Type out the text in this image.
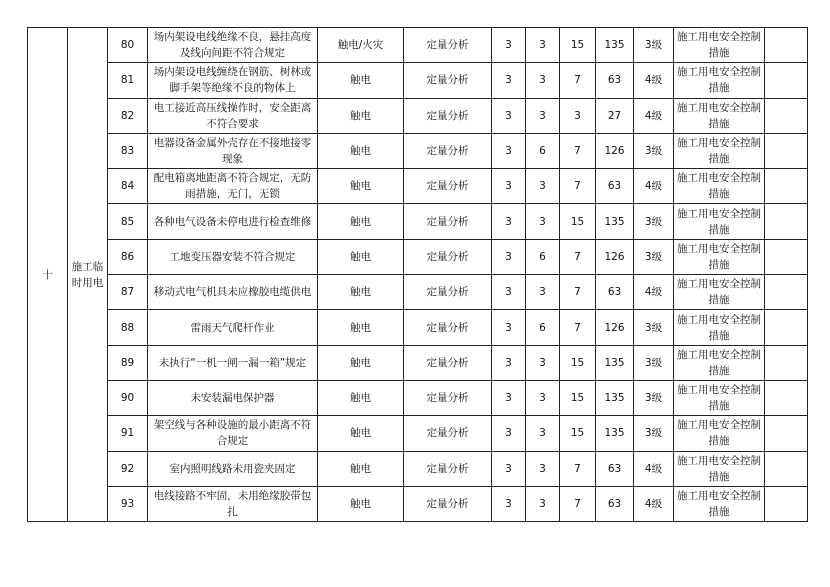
十	施工临时用电	80	场内架设电线绝缘不良，悬挂高度及线向间距不符合规定	触电/火灾	定量分析	3	3	15	135	3级	施工用电安全控制措施	
		81	场内架设电线缠绕在钢筋、树林或脚手架等绝缘不良的物体上	触电	定量分析	3	3	7	63	4级	施工用电安全控制措施	
		82	电工接近高压线操作时，安全距离不符合要求	触电	定量分析	3	3	3	27	4级	施工用电安全控制措施	
		83	电器设备金属外壳存在不接地接零现象	触电	定量分析	3	6	7	126	3级	施工用电安全控制措施	
		84	配电箱离地距离不符合规定，无防雨措施，无门，无锁	触电	定量分析	3	3	7	63	4级	施工用电安全控制措施	
		85	各种电气设备未停电进行检查维修	触电	定量分析	3	3	15	135	3级	施工用电安全控制措施	
		86	工地变压器安装不符合规定	触电	定量分析	3	6	7	126	3级	施工用电安全控制措施	
		87	移动式电气机具未应橡胶电缆供电	触电	定量分析	3	3	7	63	4级	施工用电安全控制措施	
		88	雷雨天气爬杆作业	触电	定量分析	3	6	7	126	3级	施工用电安全控制措施	
		89	未执行“一机一闸一漏一箱”规定	触电	定量分析	3	3	15	135	3级	施工用电安全控制措施	
		90	未安装漏电保护器	触电	定量分析	3	3	15	135	3级	施工用电安全控制措施	
		91	架空线与各种设施的最小距离不符合规定	触电	定量分析	3	3	15	135	3级	施工用电安全控制措施	
		92	室内照明线路未用瓷夹固定	触电	定量分析	3	3	7	63	4级	施工用电安全控制措施	
		93	电线接路不牢固，未用绝缘胶带包扎	触电	定量分析	3	3	7	63	4级	施工用电安全控制措施	
